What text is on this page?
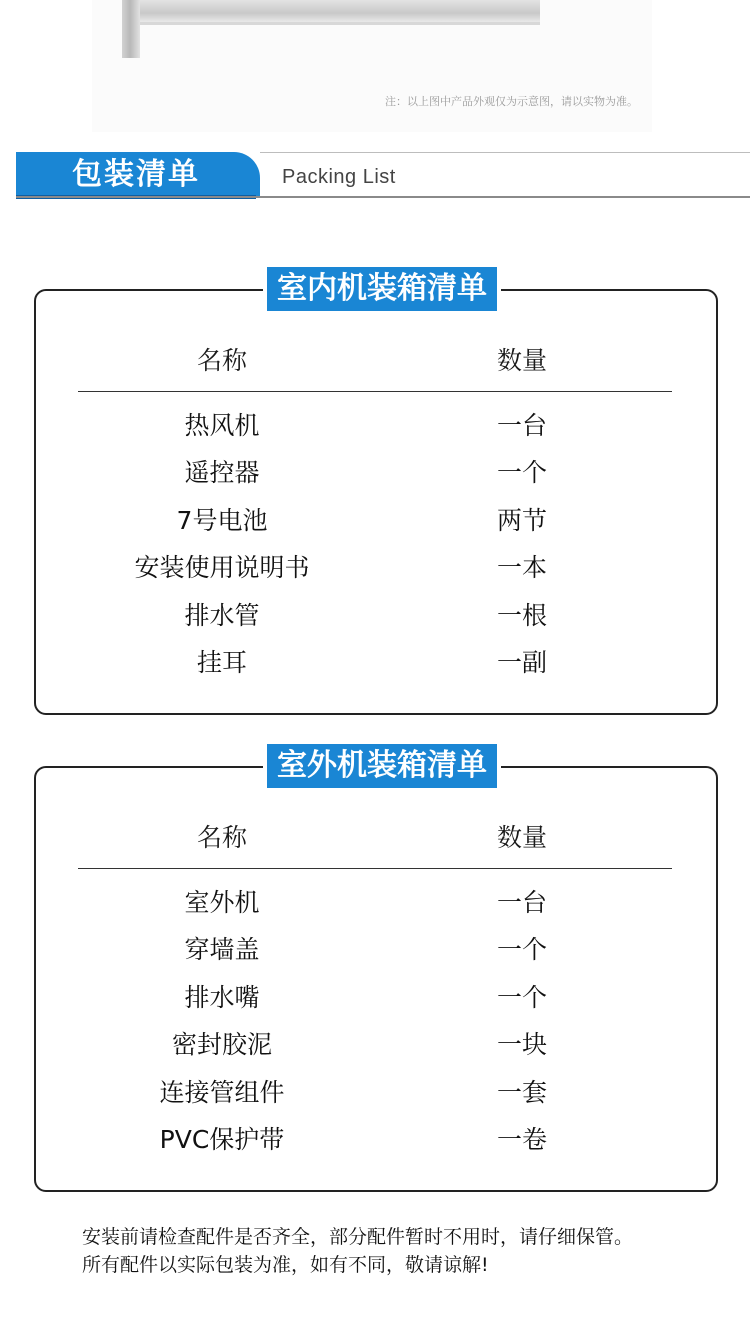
注：以上图中产品外观仅为示意图，请以实物为准。
包装清单	Packing List
室内机装箱清单
名称	数量
热风机	一台
遥控器	一个
7号电池	两节
安装使用说明书	一本
排水管	一根
挂耳	一副
室外机装箱清单
名称	数量
室外机	一台
穿墙盖	一个
排水嘴	一个
密封胶泥	一块
连接管组件	一套
PVC保护带	一卷
安装前请检查配件是否齐全，部分配件暂时不用时，请仔细保管。
所有配件以实际包装为准，如有不同，敬请谅解!
